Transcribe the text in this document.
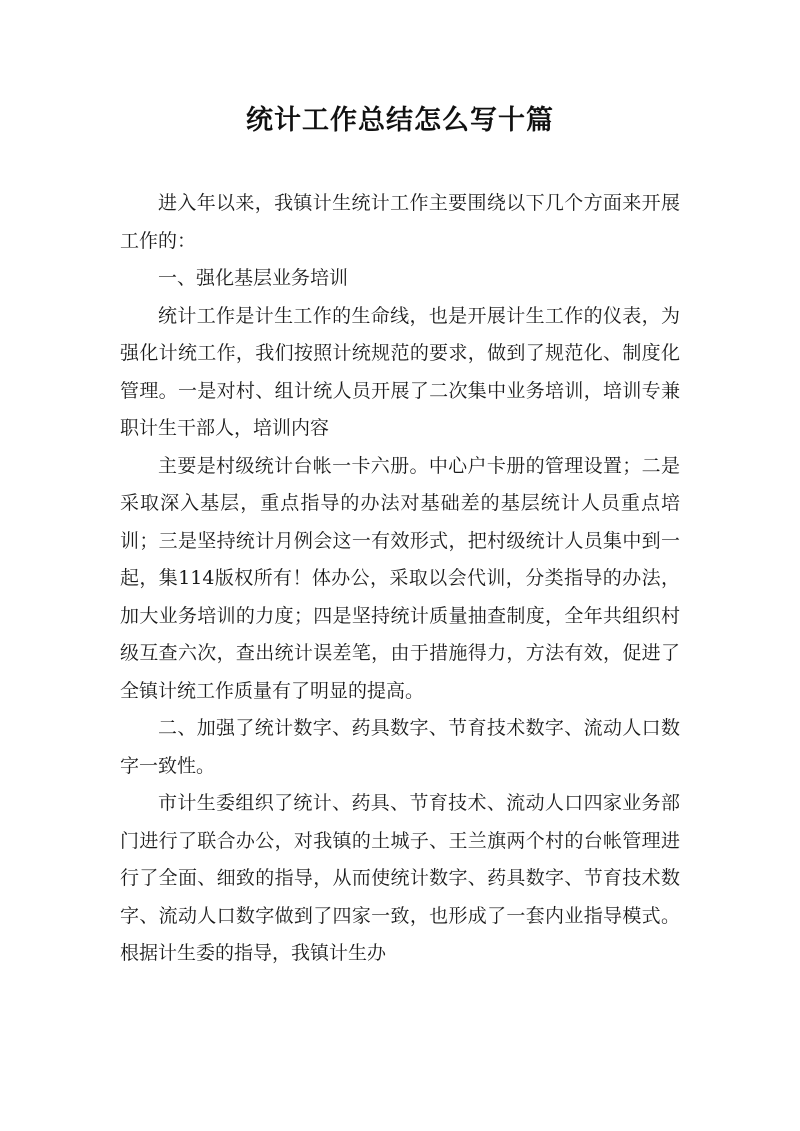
统计工作总结怎么写十篇

进入年以来，我镇计生统计工作主要围绕以下几个方面来开展工作的：

一、强化基层业务培训

统计工作是计生工作的生命线，也是开展计生工作的仪表，为强化计统工作，我们按照计统规范的要求，做到了规范化、制度化管理。一是对村、组计统人员开展了二次集中业务培训，培训专兼职计生干部人，培训内容

主要是村级统计台帐一卡六册。中心户卡册的管理设置；二是采取深入基层，重点指导的办法对基础差的基层统计人员重点培训；三是坚持统计月例会这一有效形式，把村级统计人员集中到一起，集114版权所有！体办公，采取以会代训，分类指导的办法，加大业务培训的力度；四是坚持统计质量抽查制度，全年共组织村级互查六次，查出统计误差笔，由于措施得力，方法有效，促进了全镇计统工作质量有了明显的提高。

二、加强了统计数字、药具数字、节育技术数字、流动人口数字一致性。

市计生委组织了统计、药具、节育技术、流动人口四家业务部门进行了联合办公，对我镇的土城子、王兰旗两个村的台帐管理进行了全面、细致的指导，从而使统计数字、药具数字、节育技术数字、流动人口数字做到了四家一致，也形成了一套内业指导模式。根据计生委的指导，我镇计生办
